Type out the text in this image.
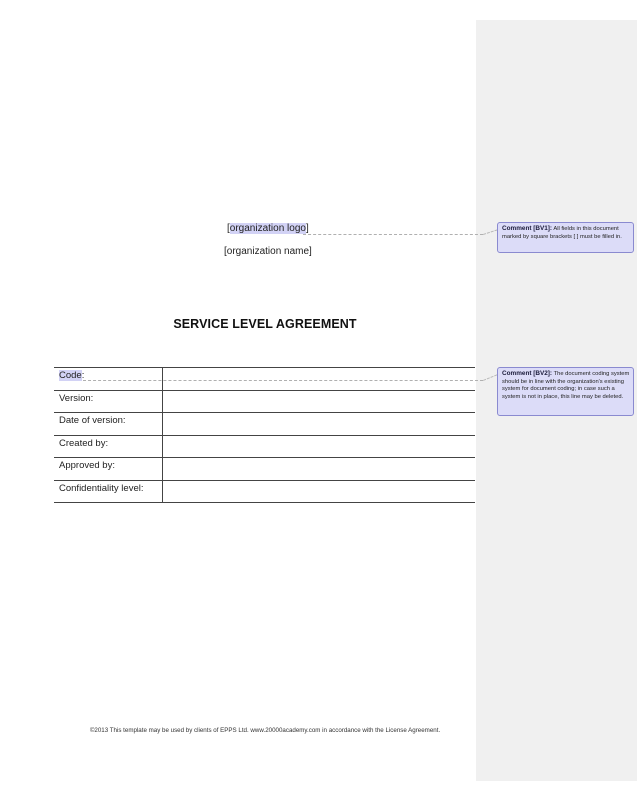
[organization logo]
[organization name]
SERVICE LEVEL AGREEMENT
Code:	
Version:	
Date of version:	
Created by:	
Approved by:	
Confidentiality level:	
Comment [BV1]: All fields in this document marked by square brackets [ ] must be filled in.
Comment [BV2]: The document coding system should be in line with the organization's existing system for document coding; in case such a system is not in place, this line may be deleted.
©2013 This template may be used by clients of EPPS Ltd. www.20000academy.com in accordance with the License Agreement.
